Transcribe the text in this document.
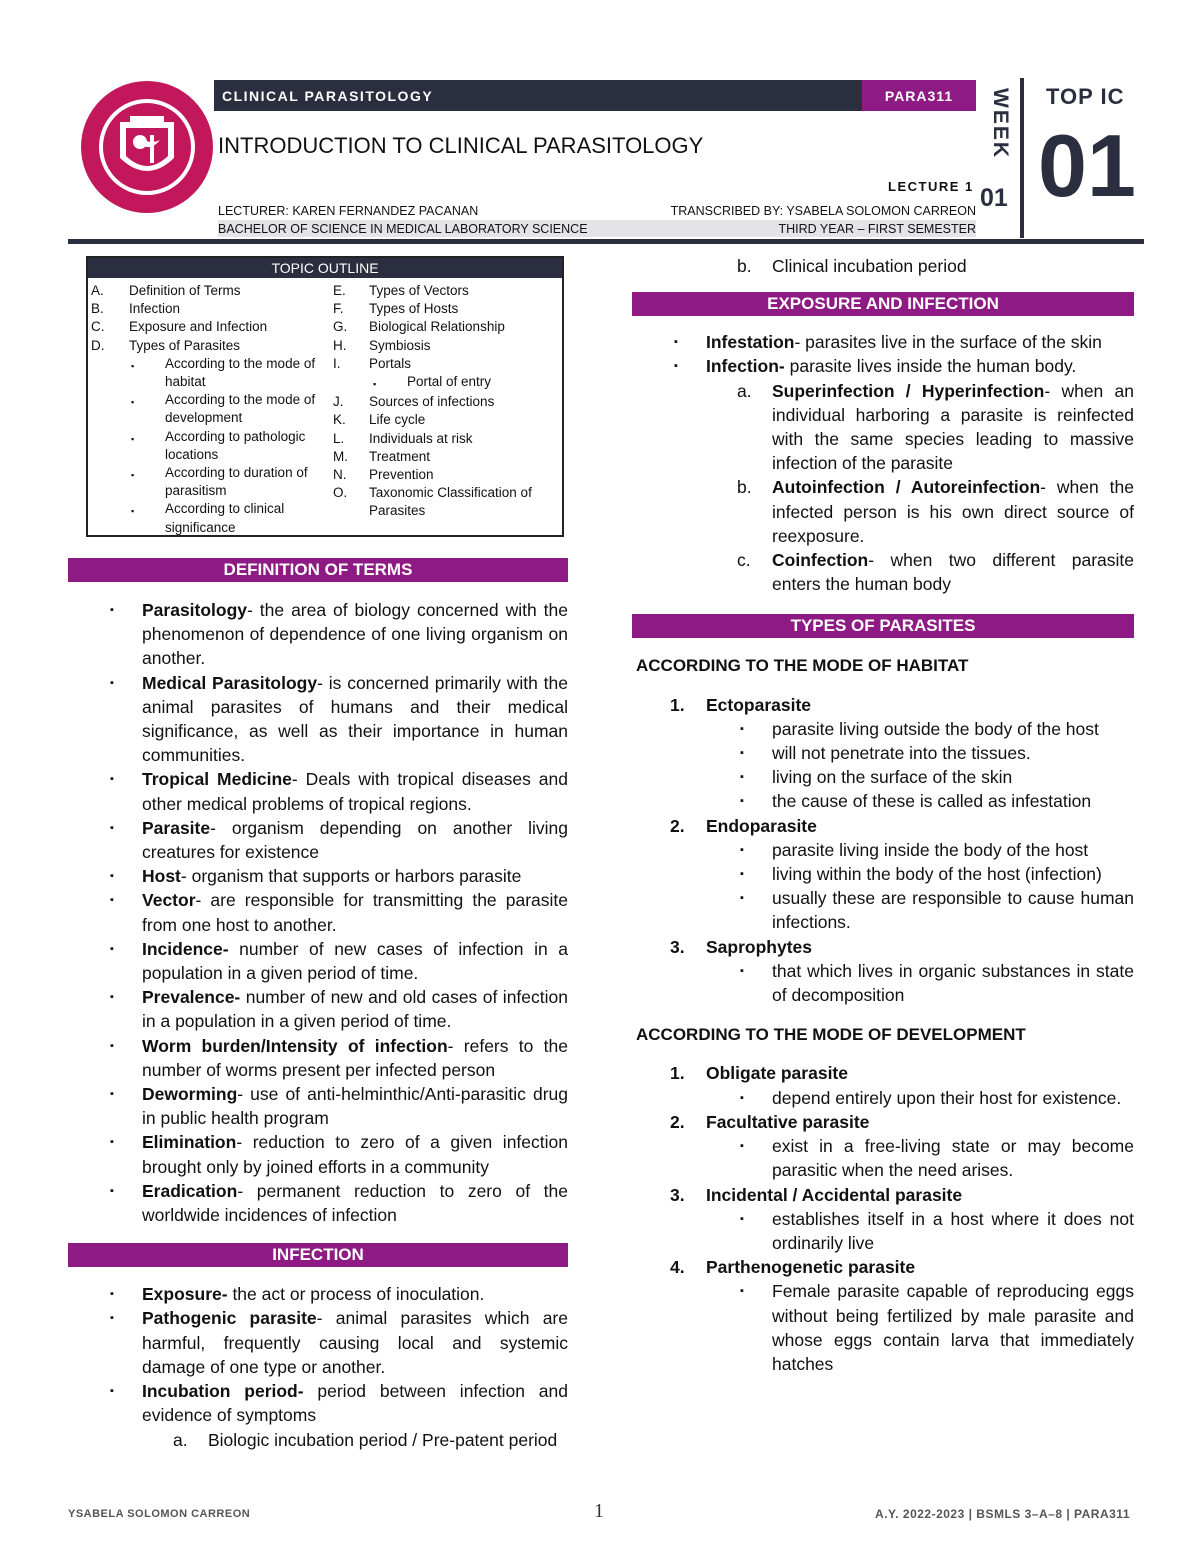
CLINICAL PARASITOLOGY	PARA311
INTRODUCTION TO CLINICAL PARASITOLOGY
LECTURE 1
LECTURER: KAREN FERNANDEZ PACANAN	TRANSCRIBED BY: YSABELA SOLOMON CARREON
BACHELOR OF SCIENCE IN MEDICAL LABORATORY SCIENCE	THIRD YEAR – FIRST SEMESTER
WEEK
01
TOP IC
01
TOPIC OUTLINE
A.	Definition of Terms
B.	Infection
C.	Exposure and Infection
D.	Types of Parasites
▪	According to the mode of habitat
▪	According to the mode of development
▪	According to pathologic locations
▪	According to duration of parasitism
▪	According to clinical significance
E.	Types of Vectors
F.	Types of Hosts
G.	Biological Relationship
H.	Symbiosis
I.	Portals
▪	Portal of entry
J.	Sources of infections
K.	Life cycle
L.	Individuals at risk
M.	Treatment
N.	Prevention
O.	Taxonomic Classification of Parasites
DEFINITION OF TERMS
▪ Parasitology- the area of biology concerned with the phenomenon of dependence of one living organism on another.
▪ Medical Parasitology- is concerned primarily with the animal parasites of humans and their medical significance, as well as their importance in human communities.
▪ Tropical Medicine- Deals with tropical diseases and other medical problems of tropical regions.
▪ Parasite- organism depending on another living creatures for existence
▪ Host- organism that supports or harbors parasite
▪ Vector- are responsible for transmitting the parasite from one host to another.
▪ Incidence- number of new cases of infection in a population in a given period of time.
▪ Prevalence- number of new and old cases of infection in a population in a given period of time.
▪ Worm burden/Intensity of infection- refers to the number of worms present per infected person
▪ Deworming- use of anti-helminthic/Anti-parasitic drug in public health program
▪ Elimination- reduction to zero of a given infection brought only by joined efforts in a community
▪ Eradication- permanent reduction to zero of the worldwide incidences of infection
INFECTION
▪ Exposure- the act or process of inoculation.
▪ Pathogenic parasite- animal parasites which are harmful, frequently causing local and systemic damage of one type or another.
▪ Incubation period- period between infection and evidence of symptoms
a. Biologic incubation period / Pre-patent period
b. Clinical incubation period
EXPOSURE AND INFECTION
▪ Infestation- parasites live in the surface of the skin
▪ Infection- parasite lives inside the human body.
a. Superinfection / Hyperinfection- when an individual harboring a parasite is reinfected with the same species leading to massive infection of the parasite
b. Autoinfection / Autoreinfection- when the infected person is his own direct source of reexposure.
c. Coinfection- when two different parasite enters the human body
TYPES OF PARASITES
ACCORDING TO THE MODE OF HABITAT
1. Ectoparasite
▪ parasite living outside the body of the host
▪ will not penetrate into the tissues.
▪ living on the surface of the skin
▪ the cause of these is called as infestation
2. Endoparasite
▪ parasite living inside the body of the host
▪ living within the body of the host (infection)
▪ usually these are responsible to cause human infections.
3. Saprophytes
▪ that which lives in organic substances in state of decomposition
ACCORDING TO THE MODE OF DEVELOPMENT
1. Obligate parasite
▪ depend entirely upon their host for existence.
2. Facultative parasite
▪ exist in a free-living state or may become parasitic when the need arises.
3. Incidental / Accidental parasite
▪ establishes itself in a host where it does not ordinarily live
4. Parthenogenetic parasite
▪ Female parasite capable of reproducing eggs without being fertilized by male parasite and whose eggs contain larva that immediately hatches
YSABELA SOLOMON CARREON	1	A.Y. 2022-2023 | BSMLS 3–A–8 | PARA311
